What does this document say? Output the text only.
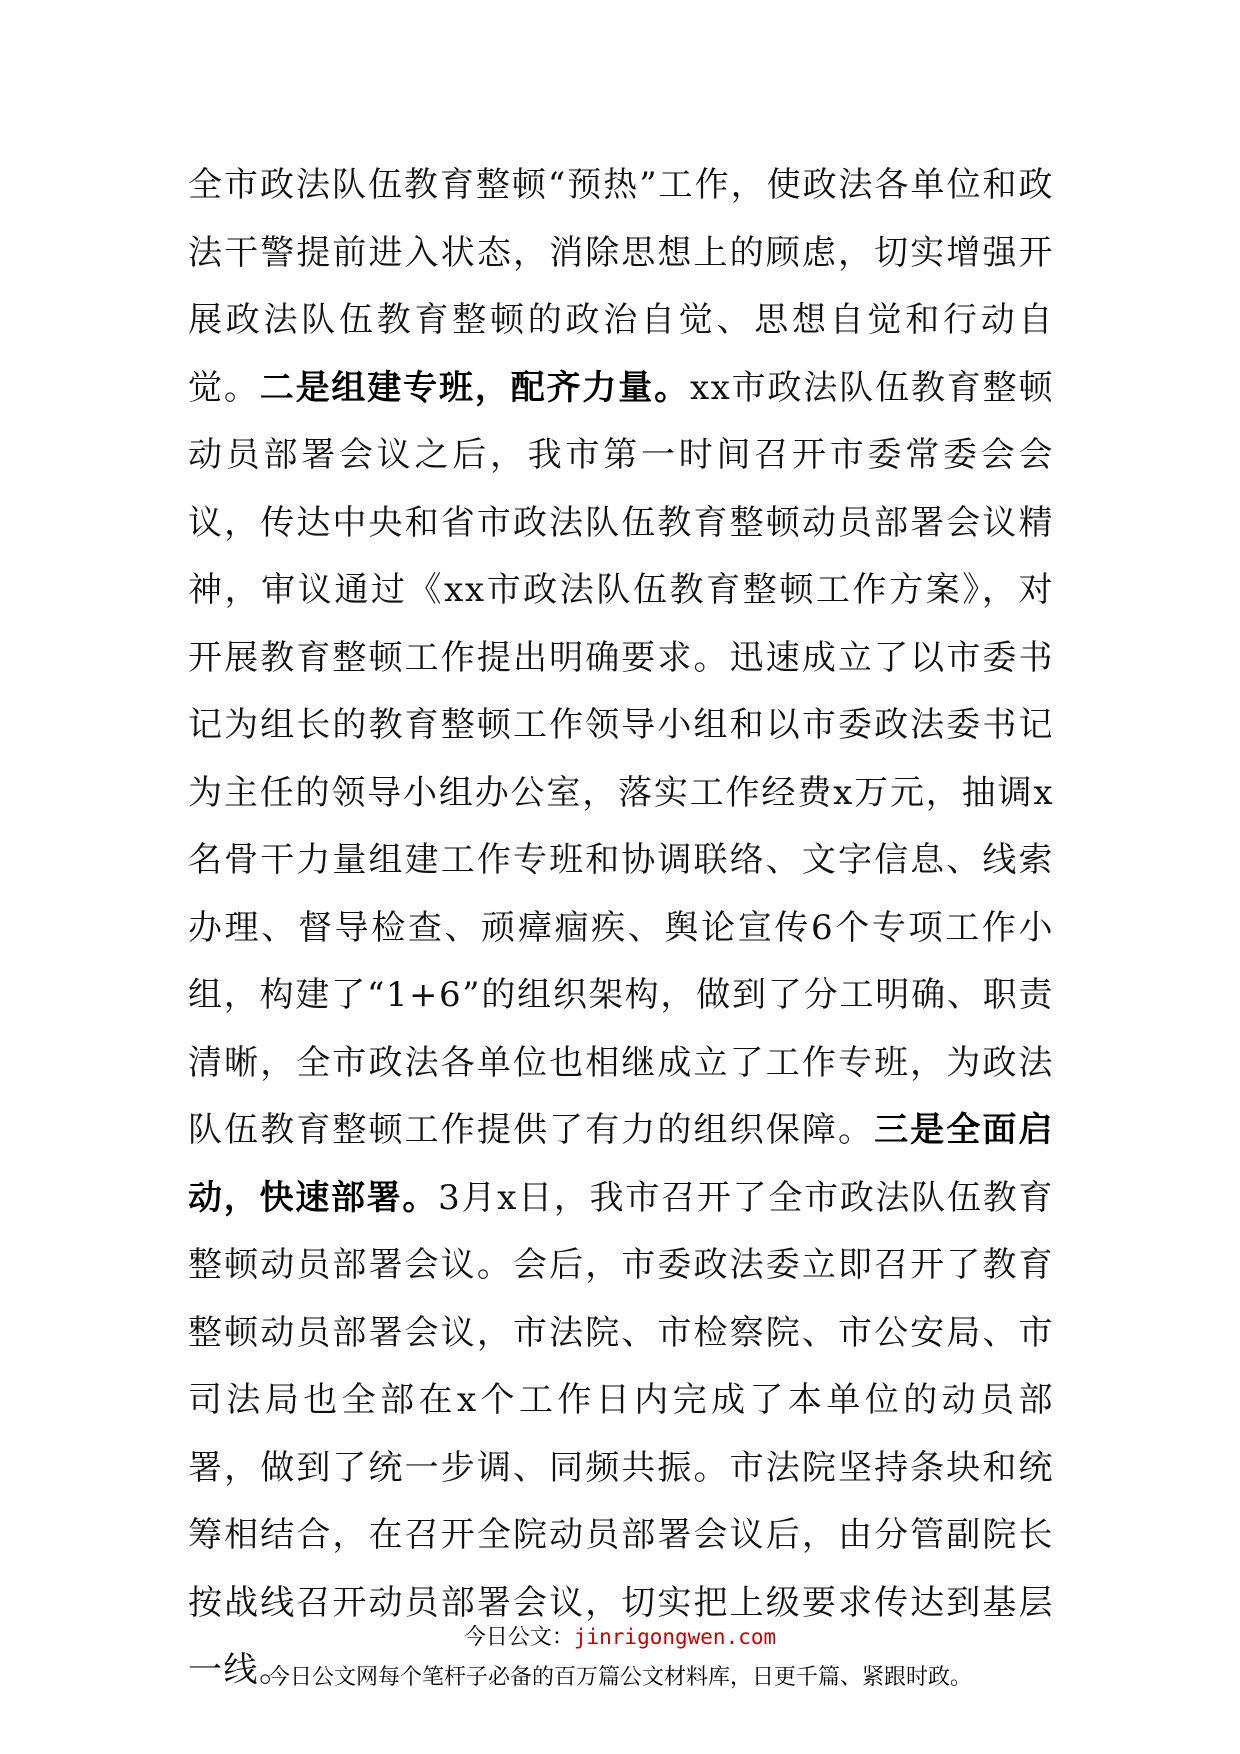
全市政法队伍教育整顿“预热”工作，使政法各单位和政法干警提前进入状态，消除思想上的顾虑，切实增强开展政法队伍教育整顿的政治自觉、思想自觉和行动自觉。二是组建专班，配齐力量。xx市政法队伍教育整顿动员部署会议之后，我市第一时间召开市委常委会会议，传达中央和省市政法队伍教育整顿动员部署会议精神，审议通过《xx市政法队伍教育整顿工作方案》，对开展教育整顿工作提出明确要求。迅速成立了以市委书记为组长的教育整顿工作领导小组和以市委政法委书记为主任的领导小组办公室，落实工作经费x万元，抽调x名骨干力量组建工作专班和协调联络、文字信息、线索办理、督导检查、顽瘴痼疾、舆论宣传6个专项工作小组，构建了“1+6”的组织架构，做到了分工明确、职责清晰，全市政法各单位也相继成立了工作专班，为政法队伍教育整顿工作提供了有力的组织保障。三是全面启动，快速部署。3月x日，我市召开了全市政法队伍教育整顿动员部署会议。会后，市委政法委立即召开了教育整顿动员部署会议，市法院、市检察院、市公安局、市司法局也全部在x个工作日内完成了本单位的动员部署，做到了统一步调、同频共振。市法院坚持条块和统筹相结合，在召开全院动员部署会议后，由分管副院长按战线召开动员部署会议，切实把上级要求传达到基层一线。

今日公文：jinrigongwen.com
今日公文网每个笔杆子必备的百万篇公文材料库，日更千篇、紧跟时政。
